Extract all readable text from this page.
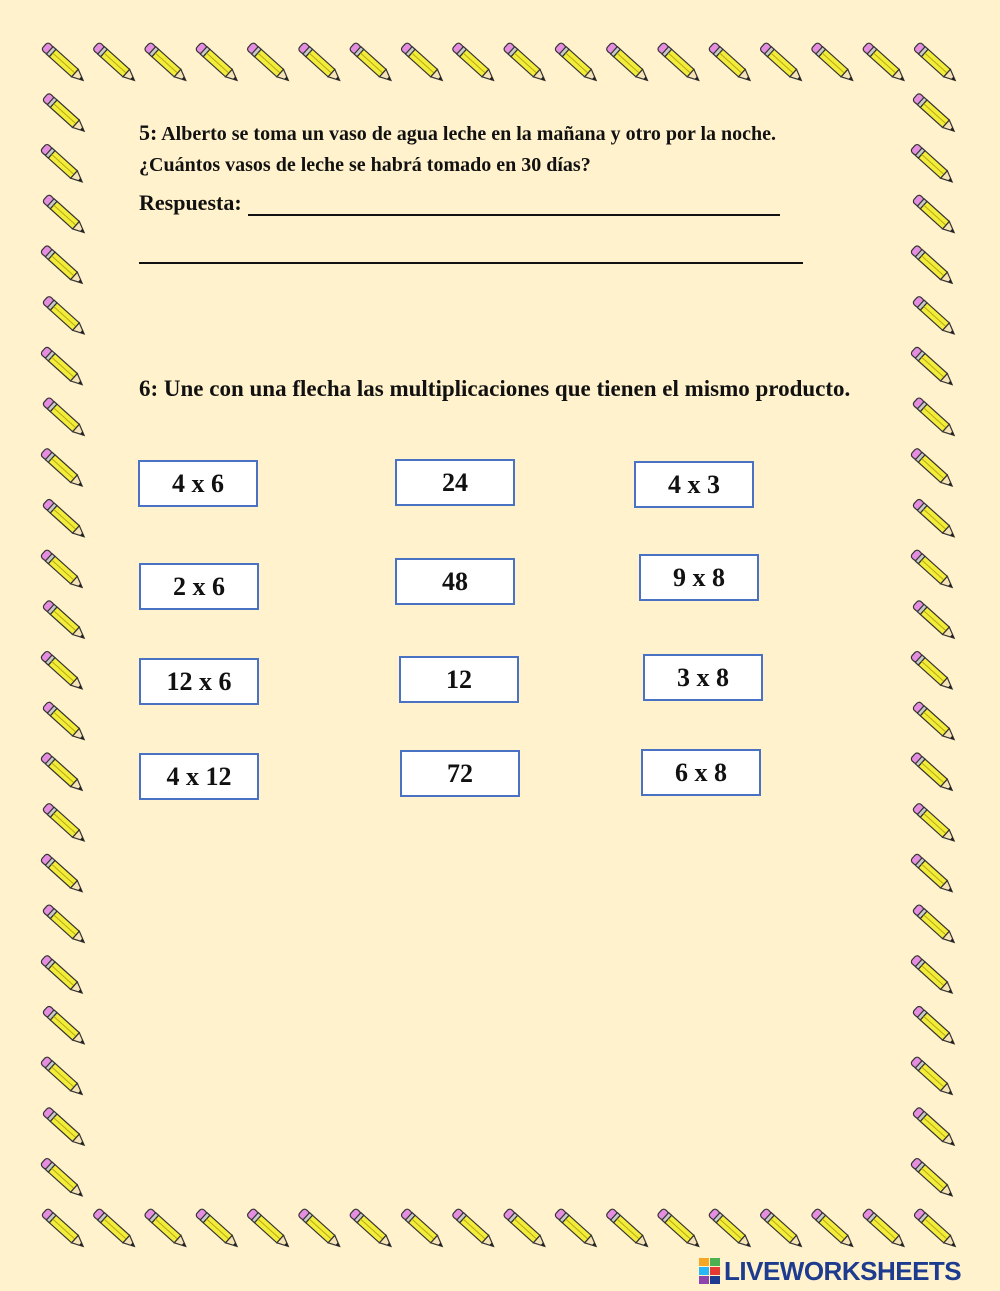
5: Alberto se toma un vaso de agua leche en la mañana y otro por la noche. ¿Cuántos vasos de leche se habrá tomado en 30 días?

Respuesta:

6: Une con una flecha las multiplicaciones que tienen el mismo producto.

4 x 6
2 x 6
12 x 6
4 x 12
24
48
12
72
4 x 3
9 x 8
3 x 8
6 x 8
LIVEWORKSHEETS
